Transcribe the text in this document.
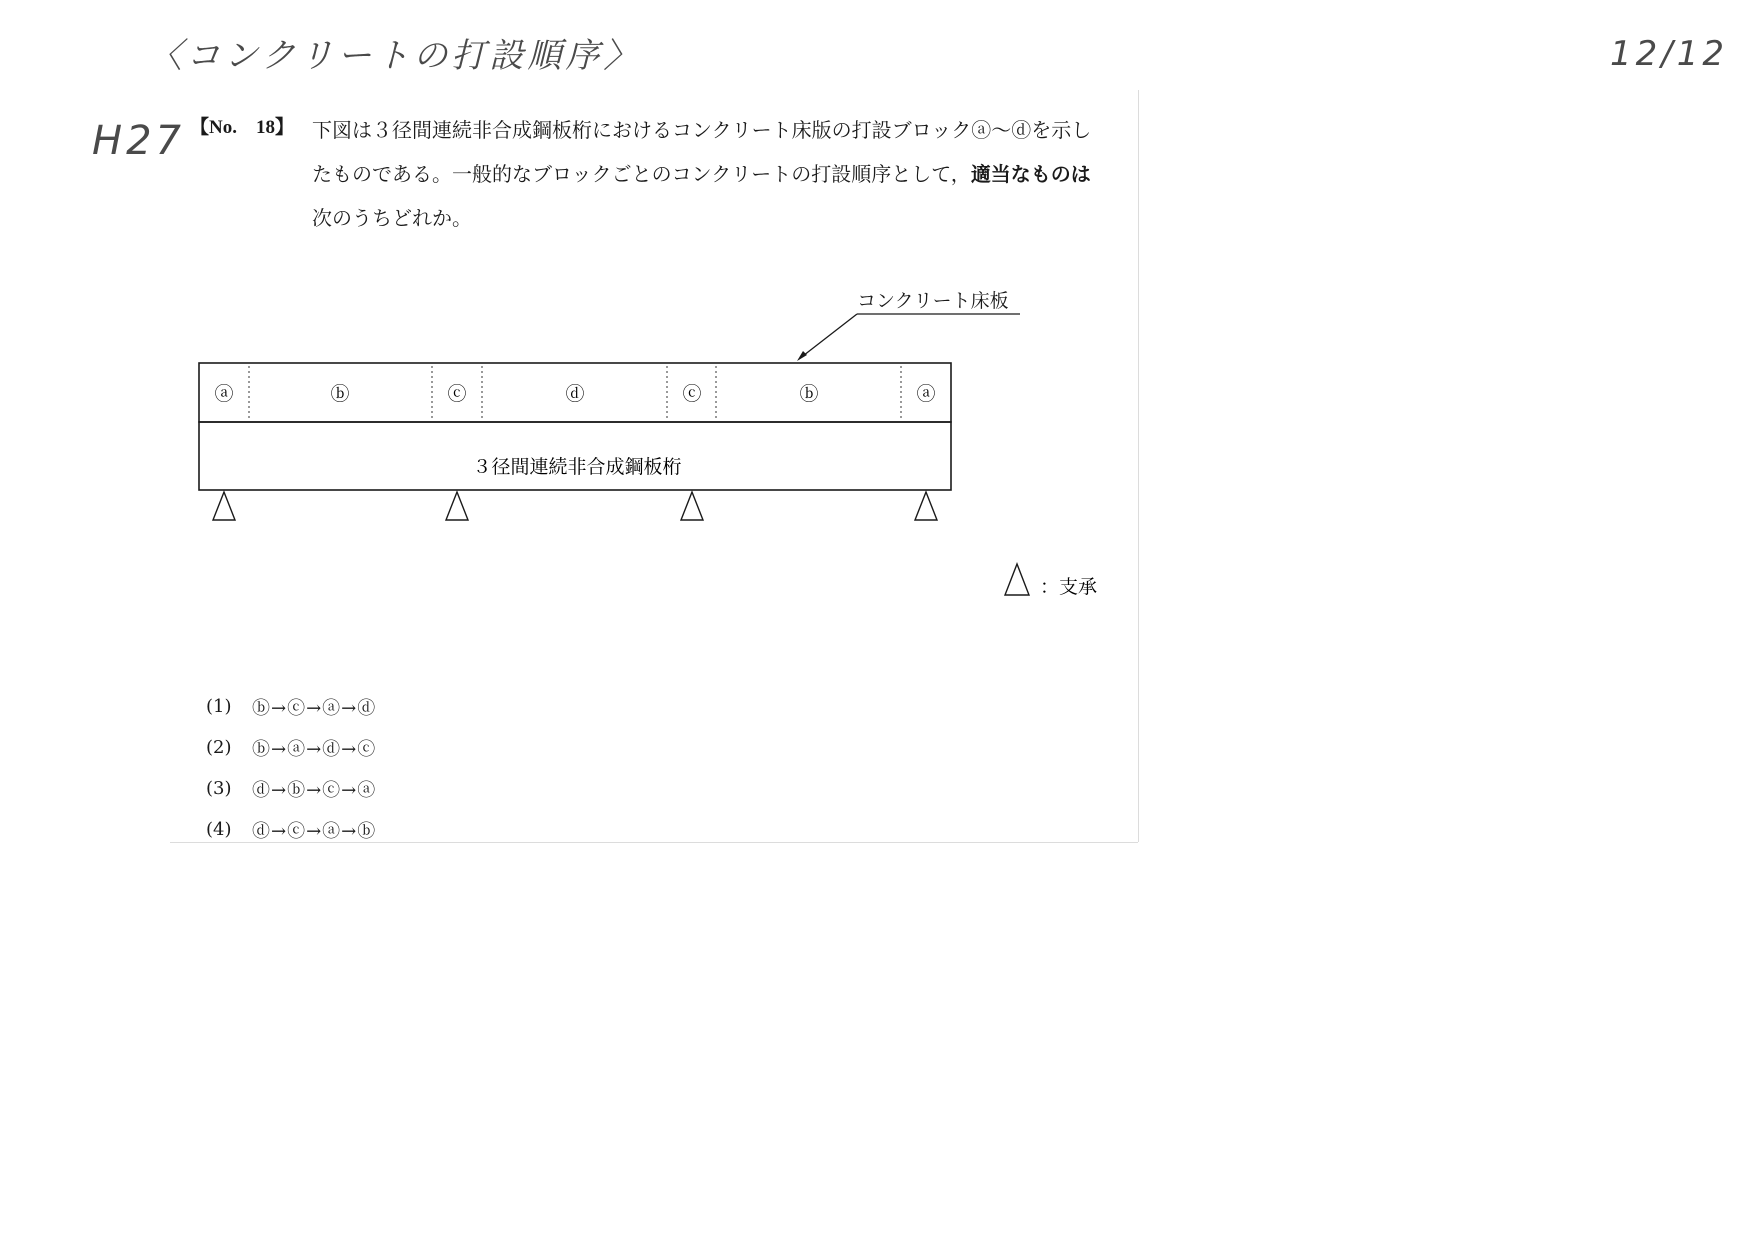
〈コンクリートの打設順序〉
H27
12/12
【No.　18】 下図は３径間連続非合成鋼板桁におけるコンクリート床版の打設ブロックⓐ～ⓓを示し

たものである。一般的なブロックごとのコンクリートの打設順序として，適当なものは

次のうちどれか。

コンクリート床板
ⓐ	ⓑ	ⓒ	ⓓ	ⓒ	ⓑ	ⓐ
３径間連続非合成鋼板桁
：支承
(1)	ⓑ→ⓒ→ⓐ→ⓓ
(2)	ⓑ→ⓐ→ⓓ→ⓒ
(3)	ⓓ→ⓑ→ⓒ→ⓐ
(4)	ⓓ→ⓒ→ⓐ→ⓑ
